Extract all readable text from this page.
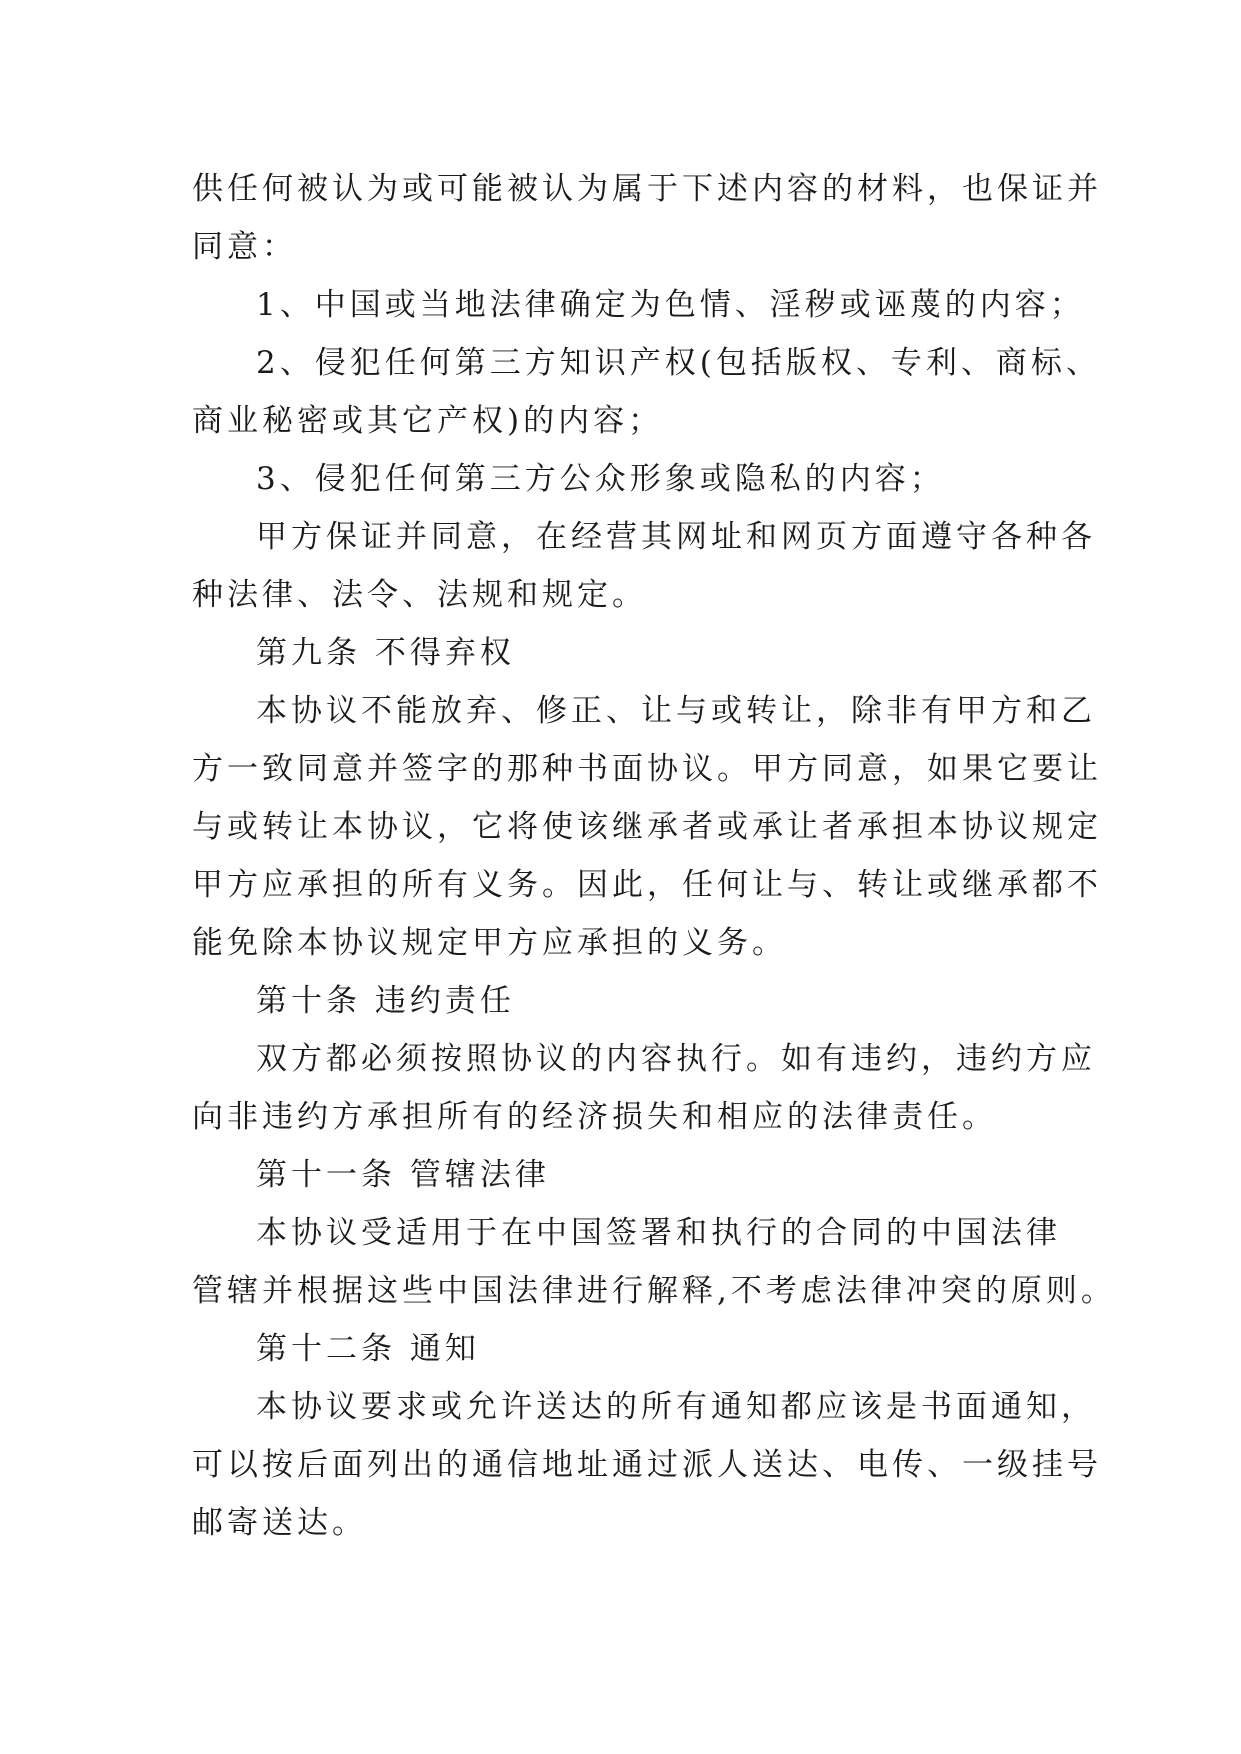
供任何被认为或可能被认为属于下述内容的材料，也保证并
同意：
1、中国或当地法律确定为色情、淫秽或诬蔑的内容；
2、侵犯任何第三方知识产权(包括版权、专利、商标、
商业秘密或其它产权)的内容；
3、侵犯任何第三方公众形象或隐私的内容；
甲方保证并同意，在经营其网址和网页方面遵守各种各
种法律、法令、法规和规定。
第九条 不得弃权
本协议不能放弃、修正、让与或转让，除非有甲方和乙
方一致同意并签字的那种书面协议。甲方同意，如果它要让
与或转让本协议，它将使该继承者或承让者承担本协议规定
甲方应承担的所有义务。因此，任何让与、转让或继承都不
能免除本协议规定甲方应承担的义务。
第十条 违约责任
双方都必须按照协议的内容执行。如有违约，违约方应
向非违约方承担所有的经济损失和相应的法律责任。
第十一条 管辖法律
本协议受适用于在中国签署和执行的合同的中国法律
管辖并根据这些中国法律进行解释,不考虑法律冲突的原则。
第十二条 通知
本协议要求或允许送达的所有通知都应该是书面通知，
可以按后面列出的通信地址通过派人送达、电传、一级挂号
邮寄送达。
